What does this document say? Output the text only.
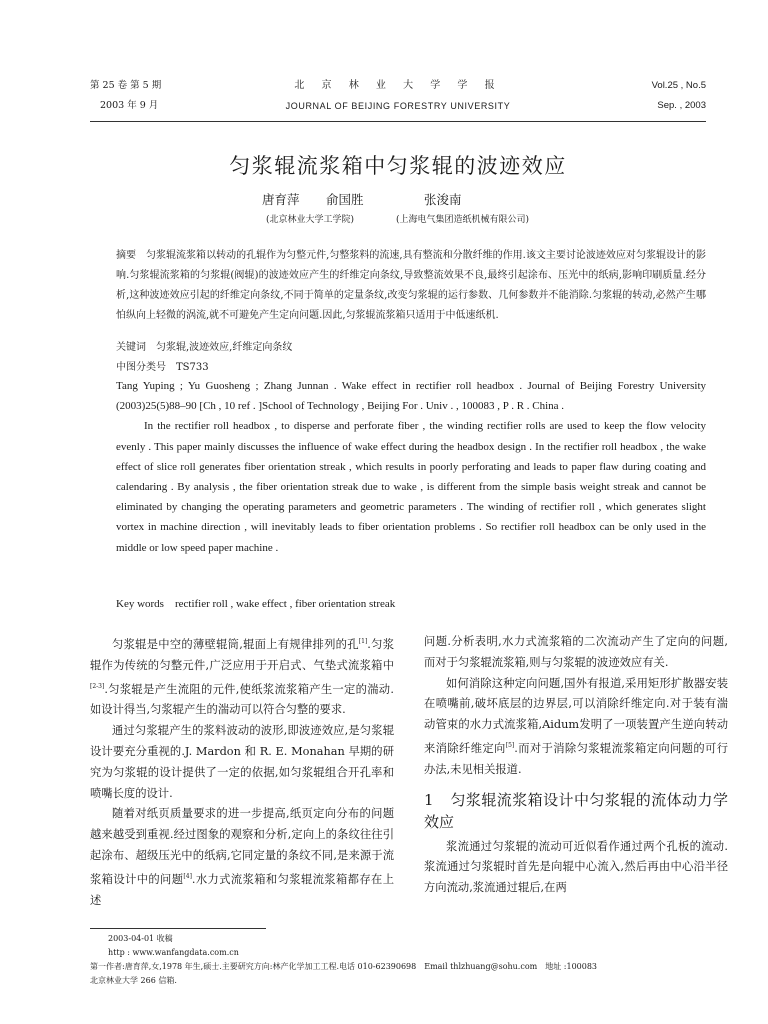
第 25 卷 第 5 期
2003 年 9 月
北 京 林 业 大 学 学 报
JOURNAL OF BEIJING FORESTRY UNIVERSITY
Vol.25 , No.5
Sep. , 2003
匀浆辊流浆箱中匀浆辊的波迹效应
唐育萍 俞国胜	张浚南
(北京林业大学工学院)	(上海电气集团造纸机械有限公司)
摘要　匀浆辊流浆箱以转动的孔辊作为匀整元件,匀整浆料的流速,具有整流和分散纤维的作用.该文主要讨论波迹效应对匀浆辊设计的影响.匀浆辊流浆箱的匀浆辊(阀辊)的波迹效应产生的纤维定向条纹,导致整流效果不良,最终引起涂布、压光中的纸病,影响印刷质量.经分析,这种波迹效应引起的纤维定向条纹,不同于简单的定量条纹,改变匀浆辊的运行参数、几何参数并不能消除.匀浆辊的转动,必然产生哪怕纵向上轻微的涡流,就不可避免产生定向问题.因此,匀浆辊流浆箱只适用于中低速纸机.
关键词　匀浆辊,波迹效应,纤维定向条纹
中图分类号　TS733

Tang Yuping ; Yu Guosheng ; Zhang Junnan . Wake effect in rectifier roll headbox . Journal of Beijing Forestry University (2003)25(5)88–90 [Ch , 10 ref . ]School of Technology , Beijing For . Univ . , 100083 , P . R . China .

In the rectifier roll headbox , to disperse and perforate fiber , the winding rectifier rolls are used to keep the flow velocity evenly . This paper mainly discusses the influence of wake effect during the headbox design . In the rectifier roll headbox , the wake effect of slice roll generates fiber orientation streak , which results in poorly perforating and leads to paper flaw during coating and calendaring . By analysis , the fiber orientation streak due to wake , is different from the simple basis weight streak and cannot be eliminated by changing the operating parameters and geometric parameters . The winding of rectifier roll , which generates slight vortex in machine direction , will inevitably leads to fiber orientation problems . So rectifier roll headbox can be only used in the middle or low speed paper machine .

Key words　rectifier roll , wake effect , fiber orientation streak

匀浆辊是中空的薄壁辊筒,辊面上有规律排列的孔[1].匀浆辊作为传统的匀整元件,广泛应用于开启式、气垫式流浆箱中[2-3].匀浆辊是产生流阻的元件,使纸浆流浆箱产生一定的湍动.如设计得当,匀浆辊产生的湍动可以符合匀整的要求.

通过匀浆辊产生的浆料波动的波形,即波迹效应,是匀浆辊设计要充分重视的.J. Mardon 和 R. E. Monahan 早期的研究为匀浆辊的设计提供了一定的依据,如匀浆辊组合开孔率和喷嘴长度的设计.

随着对纸页质量要求的进一步提高,纸页定向分布的问题越来越受到重视.经过图象的观察和分析,定向上的条纹往往引起涂布、超级压光中的纸病,它同定量的条纹不同,是来源于流浆箱设计中的问题[4].水力式流浆箱和匀浆辊流浆箱都存在上述

问题.分析表明,水力式流浆箱的二次流动产生了定向的问题,而对于匀浆辊流浆箱,则与匀浆辊的波迹效应有关.

如何消除这种定向问题,国外有报道,采用矩形扩散器安装在喷嘴前,破坏底层的边界层,可以消除纤维定向.对于装有湍动管束的水力式流浆箱,Aidum发明了一项装置产生逆向转动来消除纤维定向[5].而对于消除匀浆辊流浆箱定向问题的可行办法,未见相关报道.

1 匀浆辊流浆箱设计中匀浆辊的流体动力学效应

浆流通过匀浆辊的流动可近似看作通过两个孔板的流动.浆流通过匀浆辊时首先是向辊中心流入,然后再由中心沿半径方向流动,浆流通过辊后,在两

2003-04-01 收稿
http : www.wanfangdata.com.cn
第一作者:唐育萍,女,1978 年生,硕士.主要研究方向:林产化学加工工程.电话 010-62390698　Email thlzhuang@sohu.com　地址 :100083
北京林业大学 266 信箱.
